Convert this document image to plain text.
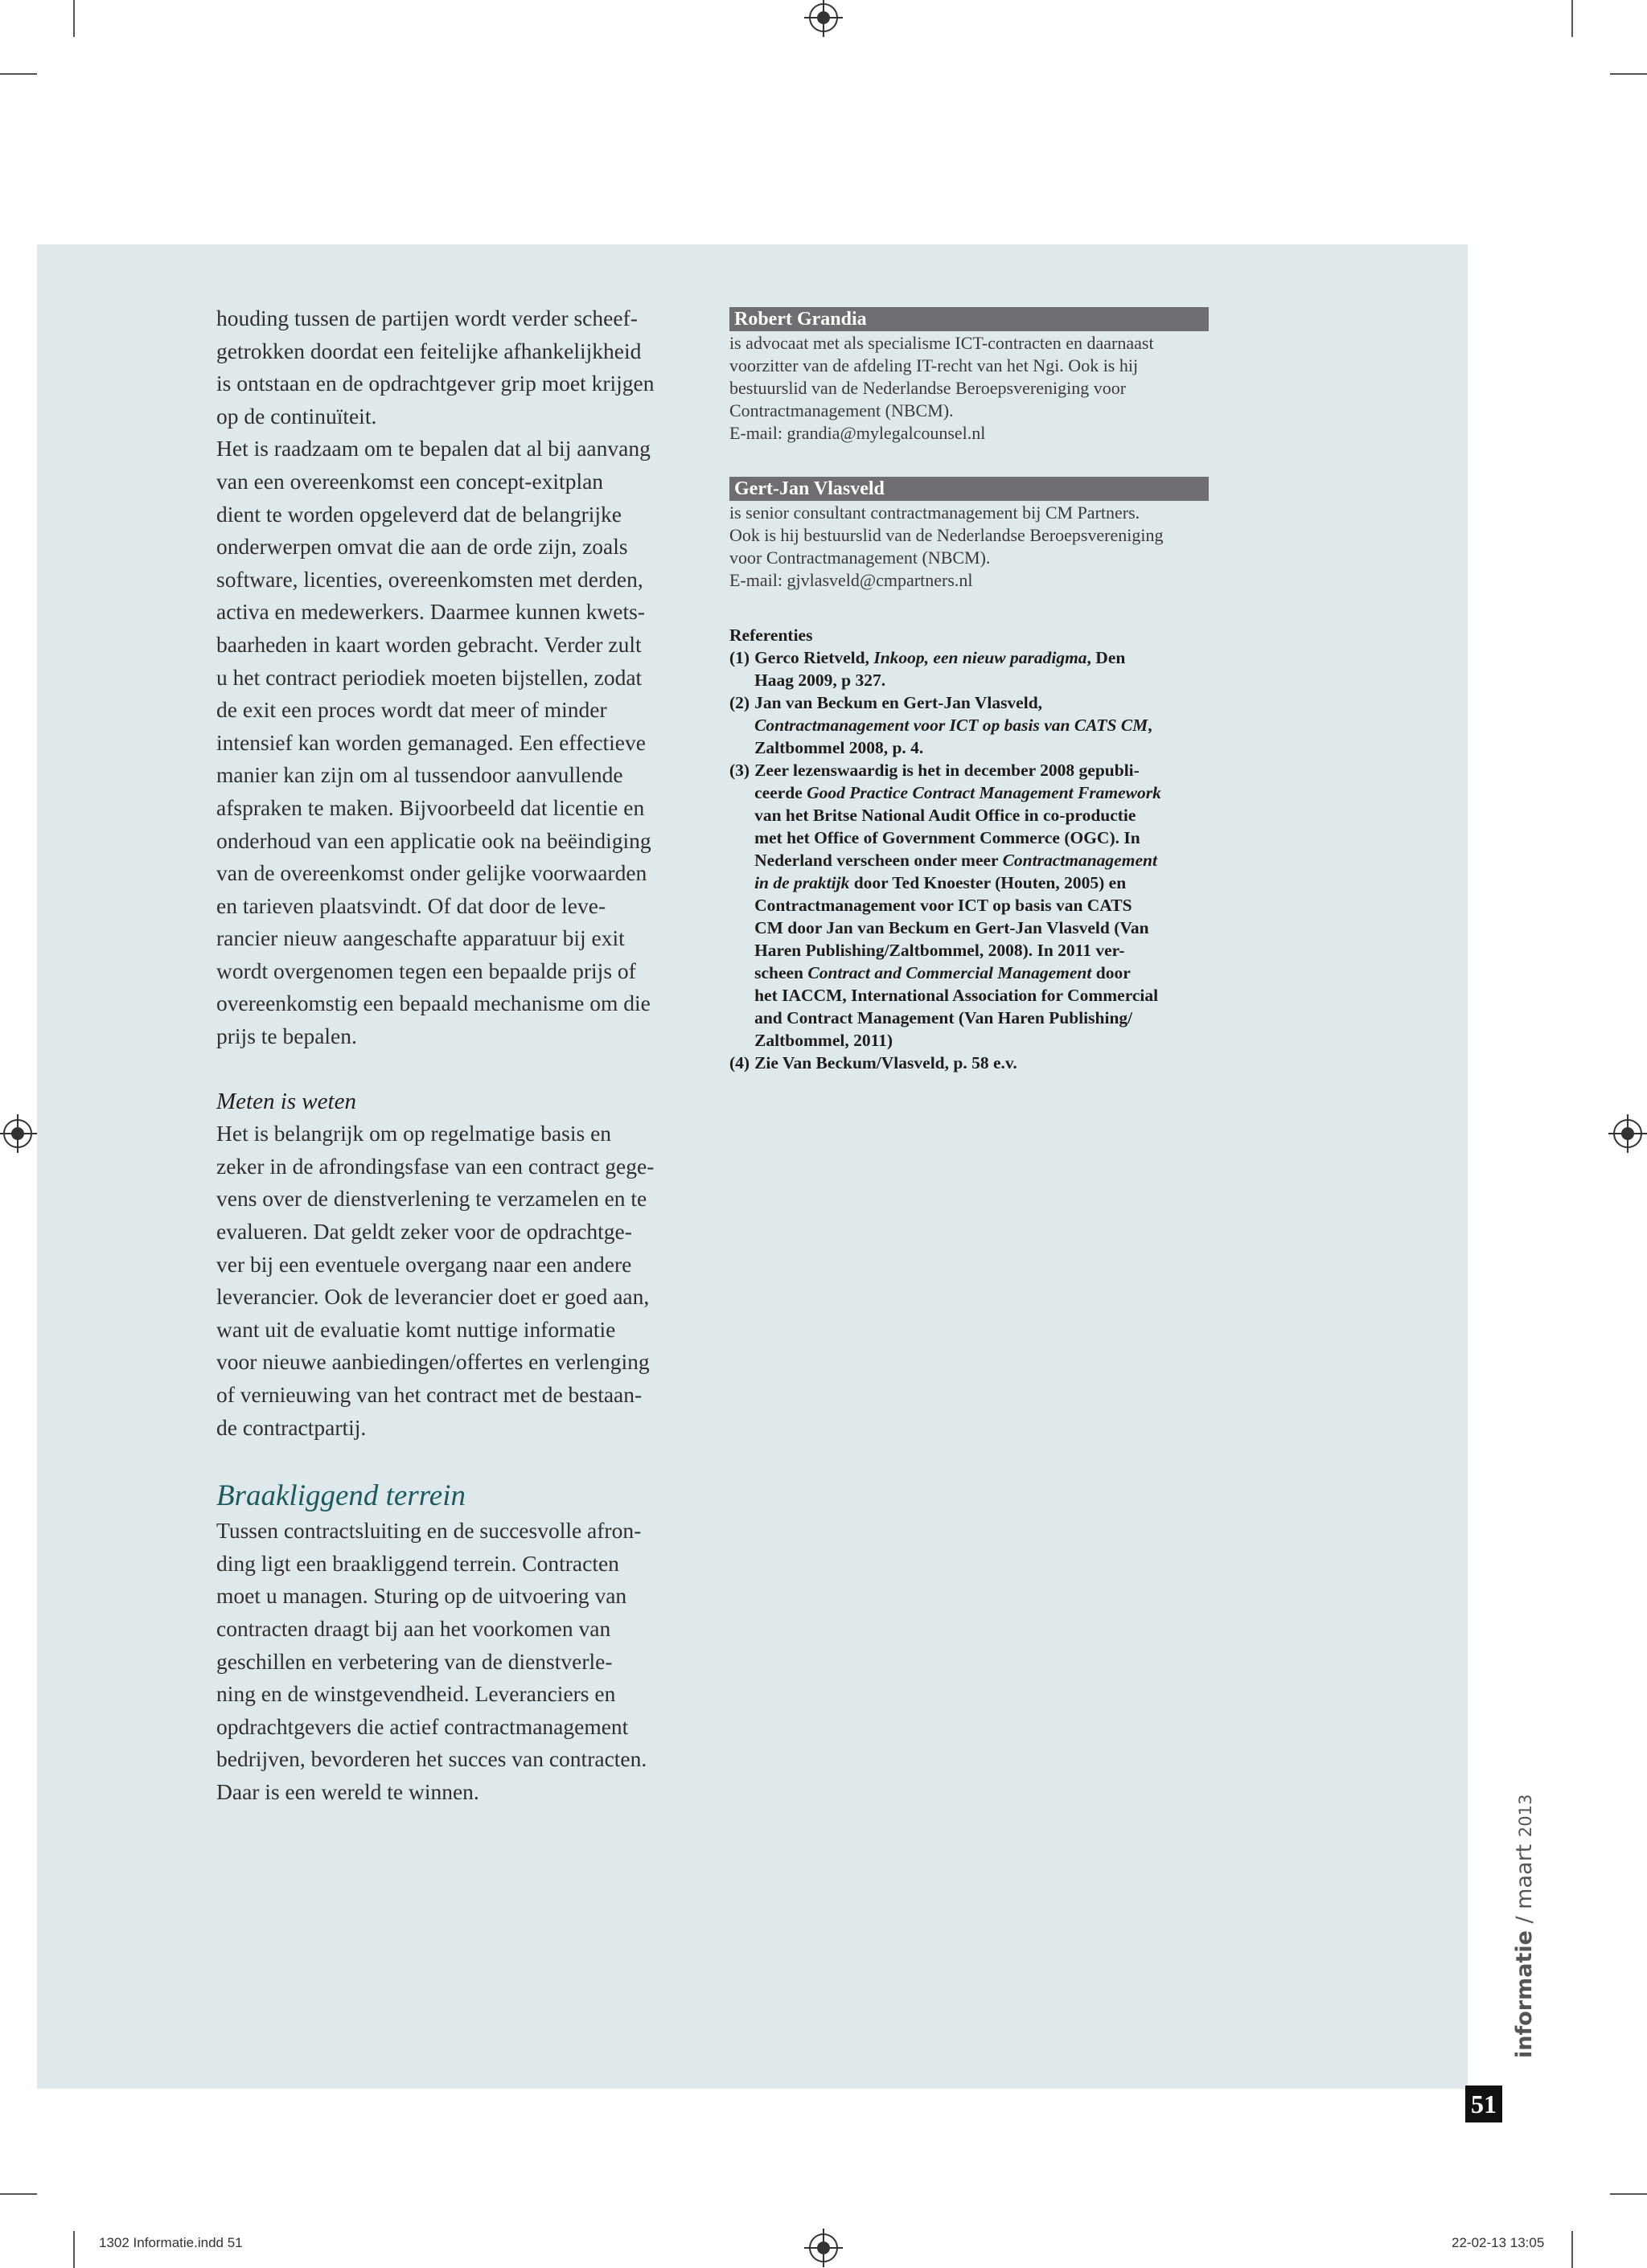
houding tussen de partijen wordt verder scheef-
getrokken doordat een feitelijke afhankelijkheid
is ontstaan en de opdrachtgever grip moet krijgen
op de continuïteit.

Het is raadzaam om te bepalen dat al bij aanvang
van een overeenkomst een concept-exitplan
dient te worden opgeleverd dat de belangrijke
onderwerpen omvat die aan de orde zijn, zoals
software, licenties, overeenkomsten met derden,
activa en medewerkers. Daarmee kunnen kwets-
baarheden in kaart worden gebracht. Verder zult
u het contract periodiek moeten bijstellen, zodat
de exit een proces wordt dat meer of minder
intensief kan worden gemanaged. Een effectieve
manier kan zijn om al tussendoor aanvullende
afspraken te maken. Bijvoorbeeld dat licentie en
onderhoud van een applicatie ook na beëindiging
van de overeenkomst onder gelijke voorwaarden
en tarieven plaatsvindt. Of dat door de leve-
rancier nieuw aangeschafte apparatuur bij exit
wordt overgenomen tegen een bepaalde prijs of
overeenkomstig een bepaald mechanisme om die
prijs te bepalen.

Meten is weten

Het is belangrijk om op regelmatige basis en
zeker in de afrondingsfase van een contract gege-
vens over de dienstverlening te verzamelen en te
evalueren. Dat geldt zeker voor de opdrachtge-
ver bij een eventuele overgang naar een andere
leverancier. Ook de leverancier doet er goed aan,
want uit de evaluatie komt nuttige informatie
voor nieuwe aanbiedingen/offertes en verlenging
of vernieuwing van het contract met de bestaan-
de contractpartij.

Braakliggend terrein

Tussen contractsluiting en de succesvolle afron-
ding ligt een braakliggend terrein. Contracten
moet u managen. Sturing op de uitvoering van
contracten draagt bij aan het voorkomen van
geschillen en verbetering van de dienstverle-
ning en de winstgevendheid. Leveranciers en
opdrachtgevers die actief contractmanagement
bedrijven, bevorderen het succes van contracten.
Daar is een wereld te winnen.

Robert Grandia
is advocaat met als specialisme ICT-contracten en daarnaast
voorzitter van de afdeling IT-recht van het Ngi. Ook is hij
bestuurslid van de Nederlandse Beroepsvereniging voor
Contractmanagement (NBCM).
E-mail: grandia@mylegalcounsel.nl
Gert-Jan Vlasveld
is senior consultant contractmanagement bij CM Partners.
Ook is hij bestuurslid van de Nederlandse Beroepsvereniging
voor Contractmanagement (NBCM).
E-mail: gjvlasveld@cmpartners.nl

Referenties

(1) Gerco Rietveld, Inkoop, een nieuw paradigma, Den
Haag 2009, p 327.
(2) Jan van Beckum en Gert-Jan Vlasveld,
Contractmanagement voor ICT op basis van CATS CM,
Zaltbommel 2008, p. 4.
(3) Zeer lezenswaardig is het in december 2008 gepubli-
ceerde Good Practice Contract Management Framework
van het Britse National Audit Office in co-productie
met het Office of Government Commerce (OGC). In
Nederland verscheen onder meer Contractmanagement
in de praktijk door Ted Knoester (Houten, 2005) en
Contractmanagement voor ICT op basis van CATS
CM door Jan van Beckum en Gert-Jan Vlasveld (Van
Haren Publishing/Zaltbommel, 2008). In 2011 ver-
scheen Contract and Commercial Management door
het IACCM, International Association for Commercial
and Contract Management (Van Haren Publishing/
Zaltbommel, 2011)
(4) Zie Van Beckum/Vlasveld, p. 58 e.v.
informatie / maart 2013
51
1302 Informatie.indd 51	22-02-13 13:05
